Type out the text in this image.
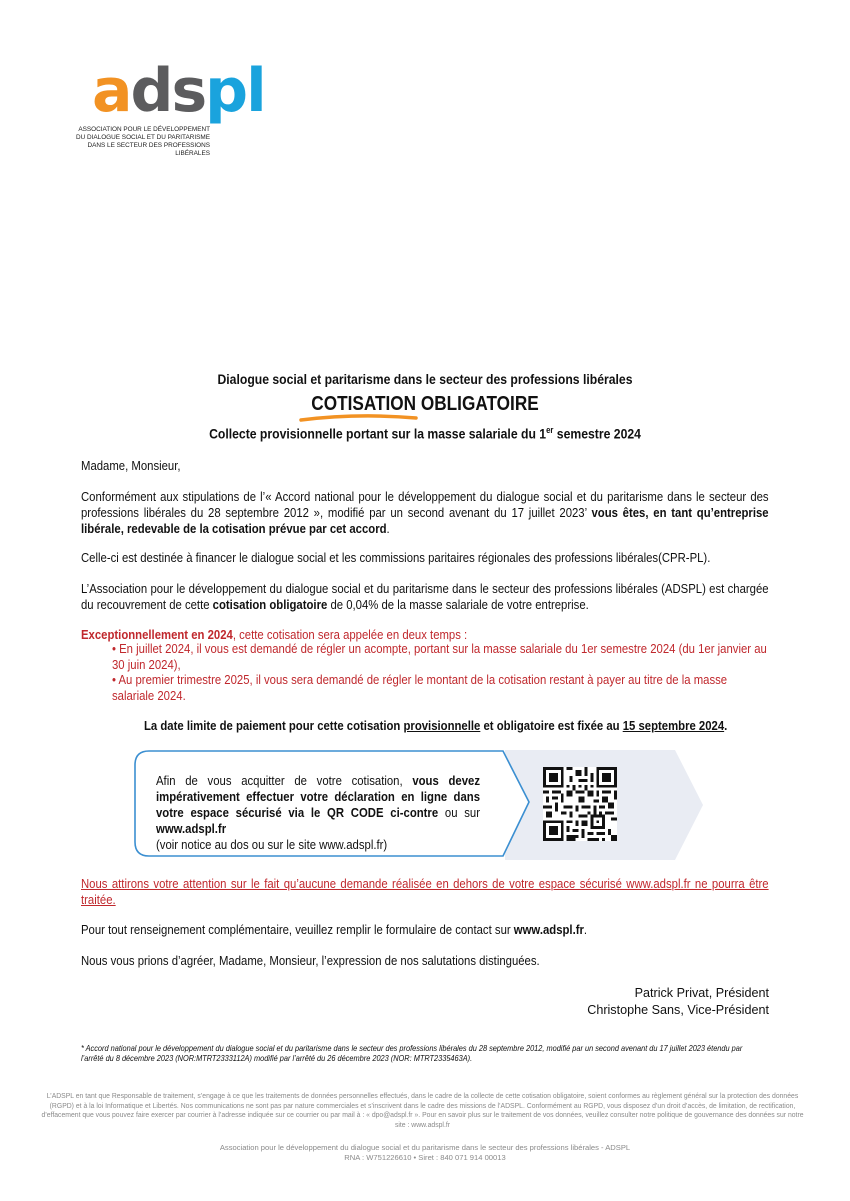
adspl
ASSOCIATION POUR LE DÉVELOPPEMENT
DU DIALOGUE SOCIAL ET DU PARITARISME
DANS LE SECTEUR DES PROFESSIONS LIBÉRALES
Dialogue social et paritarisme dans le secteur des professions libérales
COTISATION OBLIGATOIRE
Collecte provisionnelle portant sur la masse salariale du 1er semestre 2024
Madame, Monsieur,
Conformément aux stipulations de l’« Accord national pour le développement du dialogue social et du paritarisme dans le secteur des professions libérales du 28 septembre 2012 », modifié par un second avenant du 17 juillet 2023’ vous êtes, en tant qu’entreprise libérale, redevable de la cotisation prévue par cet accord.
Celle-ci est destinée à financer le dialogue social et les commissions paritaires régionales des professions libérales(CPR-PL).
L’Association pour le développement du dialogue social et du paritarisme dans le secteur des professions libérales (ADSPL) est chargée du recouvrement de cette cotisation obligatoire de 0,04% de la masse salariale de votre entreprise.
Exceptionnellement en 2024, cette cotisation sera appelée en deux temps :
• En juillet 2024, il vous est demandé de régler un acompte, portant sur la masse salariale du 1er semestre 2024 (du 1er janvier au 30 juin 2024),
• Au premier trimestre 2025, il vous sera demandé de régler le montant de la cotisation restant à payer au titre de la masse salariale 2024.
La date limite de paiement pour cette cotisation provisionnelle et obligatoire est fixée au 15 septembre 2024.
Afin de vous acquitter de votre cotisation, vous devez impérativement effectuer votre déclaration en ligne dans votre espace sécurisé via le QR CODE ci-contre ou sur www.adspl.fr
(voir notice au dos ou sur le site www.adspl.fr)
Nous attirons votre attention sur le fait qu’aucune demande réalisée en dehors de votre espace sécurisé www.adspl.fr ne pourra être traitée.
Pour tout renseignement complémentaire, veuillez remplir le formulaire de contact sur www.adspl.fr.
Nous vous prions d’agréer, Madame, Monsieur, l’expression de nos salutations distinguées.
Patrick Privat, Président
Christophe Sans, Vice-Président
* Accord national pour le développement du dialogue social et du paritarisme dans le secteur des professions libérales du 28 septembre 2012, modifié par un second avenant du 17 juillet 2023 étendu par l’arrêté du 8 décembre 2023 (NOR:MTRT2333112A) modifié par l’arrêté du 26 décembre 2023 (NOR: MTRT2335463A).
L’ADSPL en tant que Responsable de traitement, s’engage à ce que les traitements de données personnelles effectués, dans le cadre de la collecte de cette cotisation obligatoire, soient conformes au règlement général sur la protection des données (RGPD) et à la loi Informatique et Libertés. Nos communications ne sont pas par nature commerciales et s’inscrivent dans le cadre des missions de l’ADSPL. Conformément au RGPD, vous disposez d’un droit d’accès, de limitation, de rectification, d’effacement que vous pouvez faire exercer par courrier à l’adresse indiquée sur ce courrier ou par mail à : « dpo@adspl.fr ». Pour en savoir plus sur le traitement de vos données, veuillez consulter notre politique de gouvernance des données sur notre site : www.adspl.fr
Association pour le développement du dialogue social et du paritarisme dans le secteur des professions libérales - ADSPL
RNA : W751226610 • Siret : 840 071 914 00013
